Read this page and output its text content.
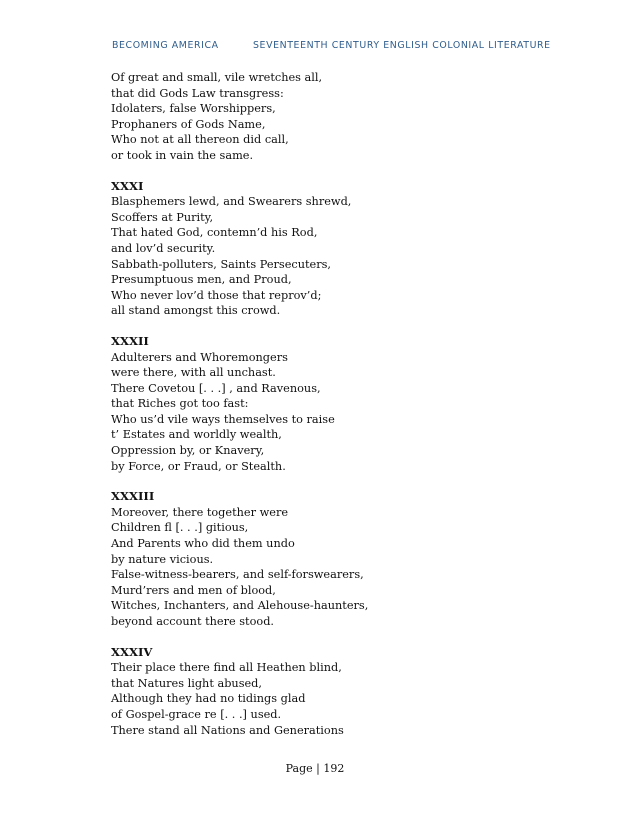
BECOMING AMERICA	SEVENTEENTH CENTURY ENGLISH COLONIAL LITERATURE
Of great and small, vile wretches all,
that did Gods Law transgress:
Idolaters, false Worshippers,
Prophaners of Gods Name,
Who not at all thereon did call,
or took in vain the same.
XXXI
Blasphemers lewd, and Swearers shrewd,
Scoffers at Purity,
That hated God, contemn’d his Rod,
and lov’d security.
Sabbath-polluters, Saints Persecuters,
Presumptuous men, and Proud,
Who never lov’d those that reprov’d;
all stand amongst this crowd.
XXXII
Adulterers and Whoremongers
were there, with all unchast.
There Covetou [. . .] , and Ravenous,
that Riches got too fast:
Who us’d vile ways themselves to raise
t’ Estates and worldly wealth,
Oppression by, or Knavery,
by Force, or Fraud, or Stealth.
XXXIII
Moreover, there together were
Children fl [. . .] gitious,
And Parents who did them undo
by nature vicious.
False-witness-bearers, and self-forswearers,
Murd’rers and men of blood,
Witches, Inchanters, and Alehouse-haunters,
beyond account there stood.
XXXIV
Their place there find all Heathen blind,
that Natures light abused,
Although they had no tidings glad
of Gospel-grace re [. . .] used.
There stand all Nations and Generations
Page | 192
